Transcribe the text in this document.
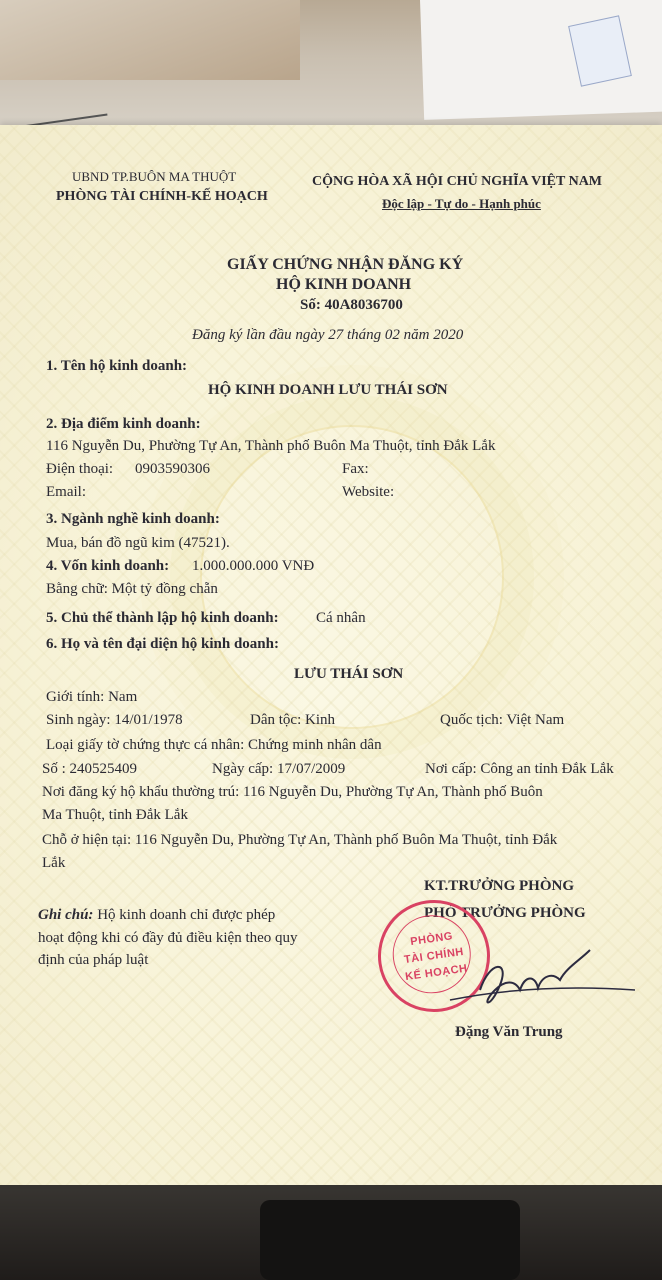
UBND TP.BUÔN MA THUỘT
PHÒNG TÀI CHÍNH-KẾ HOẠCH
CỘNG HÒA XÃ HỘI CHỦ NGHĨA VIỆT NAM
Độc lập - Tự do - Hạnh phúc
GIẤY CHỨNG NHẬN ĐĂNG KÝ
HỘ KINH DOANH
Số: 40A8036700
Đăng ký lần đầu ngày 27 tháng 02 năm 2020
1. Tên hộ kinh doanh:
HỘ KINH DOANH LƯU THÁI SƠN
2. Địa điểm kinh doanh:
116 Nguyễn Du, Phường Tự An, Thành phố Buôn Ma Thuột, tỉnh Đắk Lắk
Điện thoại: 0903590306	Fax:
Email:	Website:
3. Ngành nghề kinh doanh:
Mua, bán đồ ngũ kim (47521).
4. Vốn kinh doanh: 1.000.000.000 VNĐ
Bằng chữ: Một tỷ đồng chẵn
5. Chủ thể thành lập hộ kinh doanh: Cá nhân
6. Họ và tên đại diện hộ kinh doanh:
LƯU THÁI SƠN
Giới tính: Nam
Sinh ngày: 14/01/1978	Dân tộc: Kinh	Quốc tịch: Việt Nam
Loại giấy tờ chứng thực cá nhân: Chứng minh nhân dân
Số : 240525409	Ngày cấp: 17/07/2009	Nơi cấp: Công an tỉnh Đắk Lắk
Nơi đăng ký hộ khẩu thường trú: 116 Nguyễn Du, Phường Tự An, Thành phố Buôn
Ma Thuột, tỉnh Đắk Lắk
Chỗ ở hiện tại: 116 Nguyễn Du, Phường Tự An, Thành phố Buôn Ma Thuột, tỉnh Đắk
Lắk
KT.TRƯỞNG PHÒNG
PHÓ TRƯỞNG PHÒNG
Ghi chú: Hộ kinh doanh chỉ được phép
hoạt động khi có đầy đủ điều kiện theo quy
định của pháp luật
Đặng Văn Trung
PHÒNG
TÀI CHÍNH
KẾ HOẠCH
